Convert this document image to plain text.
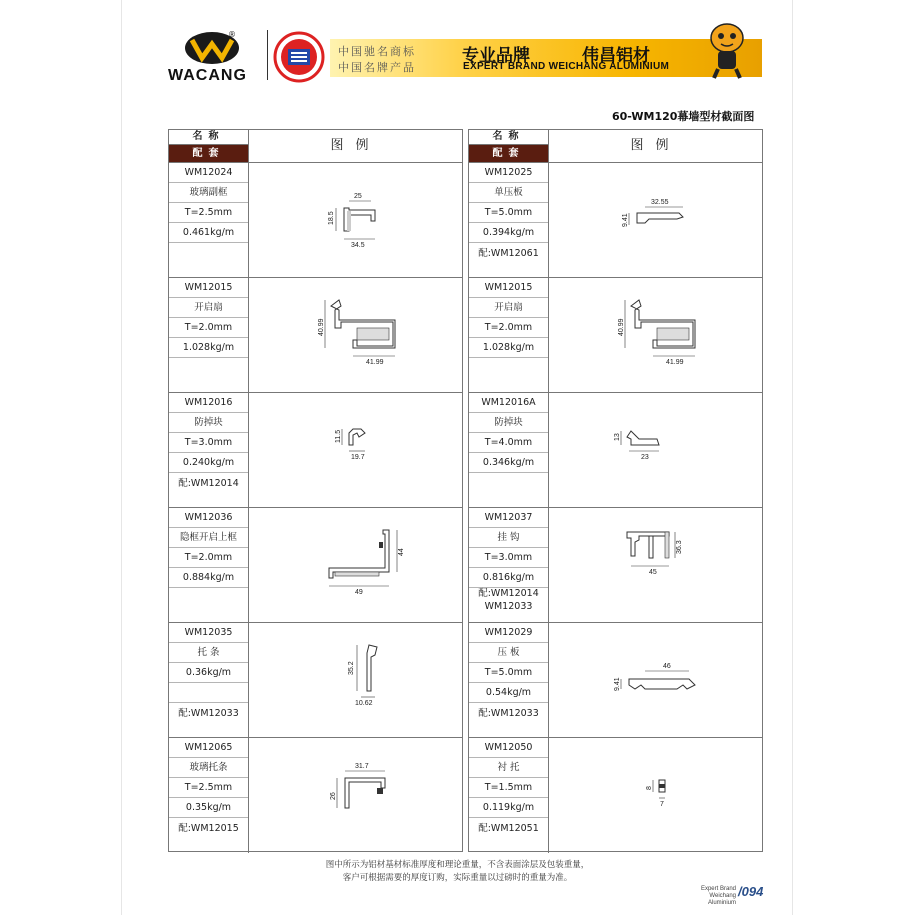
®
WACANG
中国驰名商标
中国名牌产品
专业品牌	伟昌铝材
EXPERT BRAND WEICHANG ALUMINIUM
60-WM120幕墙型材截面图
名称
配套
图例
WM12024
玻璃副框
T=2.5mm
0.461kg/m
25
18.5
34.5
WM12015
开启扇
T=2.0mm
1.028kg/m
40.99
41.99
WM12016
防掉块
T=3.0mm
0.240kg/m
配:WM12014
11.5
19.7
WM12036
隐框开启上框
T=2.0mm
0.884kg/m
44
49
WM12035
托 条
0.36kg/m
配:WM12033
35.2
10.62
WM12065
玻璃托条
T=2.5mm
0.35kg/m
配:WM12015
31.7
26
名称
配套
图例
WM12025
单压板
T=5.0mm
0.394kg/m
配:WM12061
32.55
9.41
WM12015
开启扇
T=2.0mm
1.028kg/m
40.99
41.99
WM12016A
防掉块
T=4.0mm
0.346kg/m
13
23
WM12037
挂 钩
T=3.0mm
0.816kg/m
配:WM12014
WM12033
36.3
45
WM12029
压 板
T=5.0mm
0.54kg/m
配:WM12033
46
9.41
WM12050
衬 托
T=1.5mm
0.119kg/m
配:WM12051
8
7
图中所示为铝材基材标准厚度和理论重量，不含表面涂层及包装重量，
客户可根据需要的厚度订购，实际重量以过磅时的重量为准。
Expert Brand
Weichang Aluminium
/094
